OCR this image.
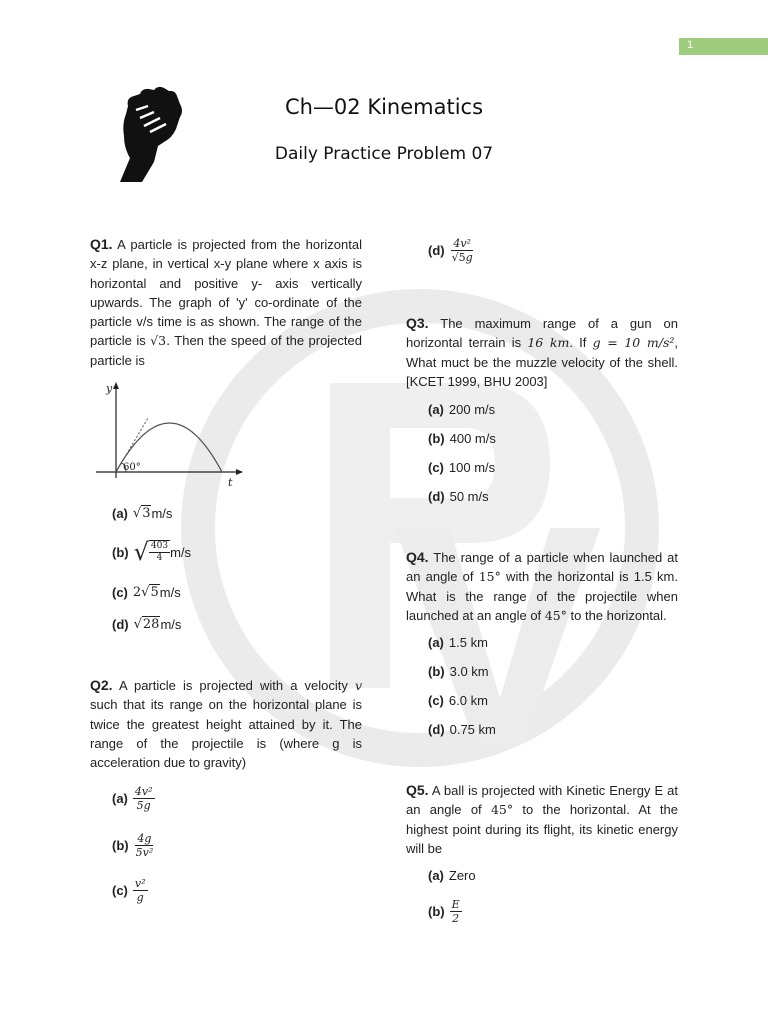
1
Ch—02 Kinematics
Daily Practice Problem 07
Q1. A particle is projected from the horizontal x-z plane, in vertical x-y plane where x axis is horizontal and positive y- axis vertically upwards. The graph of 'y' co-ordinate of the particle v/s time is as shown. The range of the particle is √3. Then the speed of the projected particle is
y
t
60°
(a) √3 m/s
(b) √ $\frac{403}{4} m/s$
(c) 2√5 m/s
(d) √28 m/s
Q2. A particle is projected with a velocity v such that its range on the horizontal plane is twice the greatest height attained by it. The range of the projectile is (where g is acceleration due to gravity)
$(a) \frac{\text{4v²}}{5g}$
$(b) \frac{4g}{\text{5v²}}$
$(c) \frac{\text{v²}}{g}$
$(d) \frac{\text{4v²}}{√5g}$
Q3. The maximum range of a gun on horizontal terrain is 16 km. If g = 10 m/s², What muct be the muzzle velocity of the shell. [KCET 1999, BHU 2003]
(a) 200 m/s
(b) 400 m/s
(c) 100 m/s
(d) 50 m/s
Q4. The range of a particle when launched at an angle of 15° with the horizontal is 1.5 km. What is the range of the projectile when launched at an angle of 45° to the horizontal.
(a) 1.5 km
(b) 3.0 km
(c) 6.0 km
(d) 0.75 km
Q5. A ball is projected with Kinetic Energy E at an angle of 45° to the horizontal. At the highest point during its flight, its kinetic energy will be
(a) Zero
$(b) \frac{E}{2}$
